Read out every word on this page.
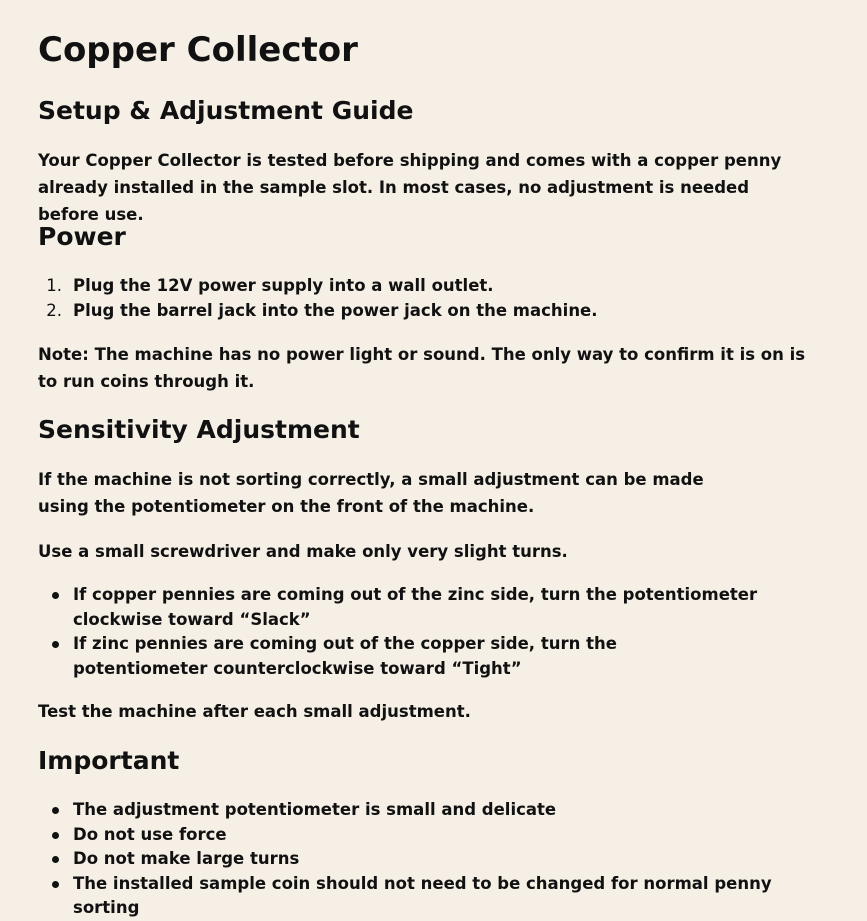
Copper Collector
Setup & Adjustment Guide

Your Copper Collector is tested before shipping and comes with a copper penny already installed in the sample slot. In most cases, no adjustment is needed before use.

Power
1. Plug the 12V power supply into a wall outlet.
2. Plug the barrel jack into the power jack on the machine.

Note: The machine has no power light or sound. The only way to confirm it is on is to run coins through it.

Sensitivity Adjustment

If the machine is not sorting correctly, a small adjustment can be made using the potentiometer on the front of the machine.

Use a small screwdriver and make only very slight turns.

If copper pennies are coming out of the zinc side, turn the potentiometer clockwise toward “Slack”
If zinc pennies are coming out of the copper side, turn the potentiometer counterclockwise toward “Tight”

Test the machine after each small adjustment.

Important
The adjustment potentiometer is small and delicate
Do not use force
Do not make large turns
The installed sample coin should not need to be changed for normal penny sorting
